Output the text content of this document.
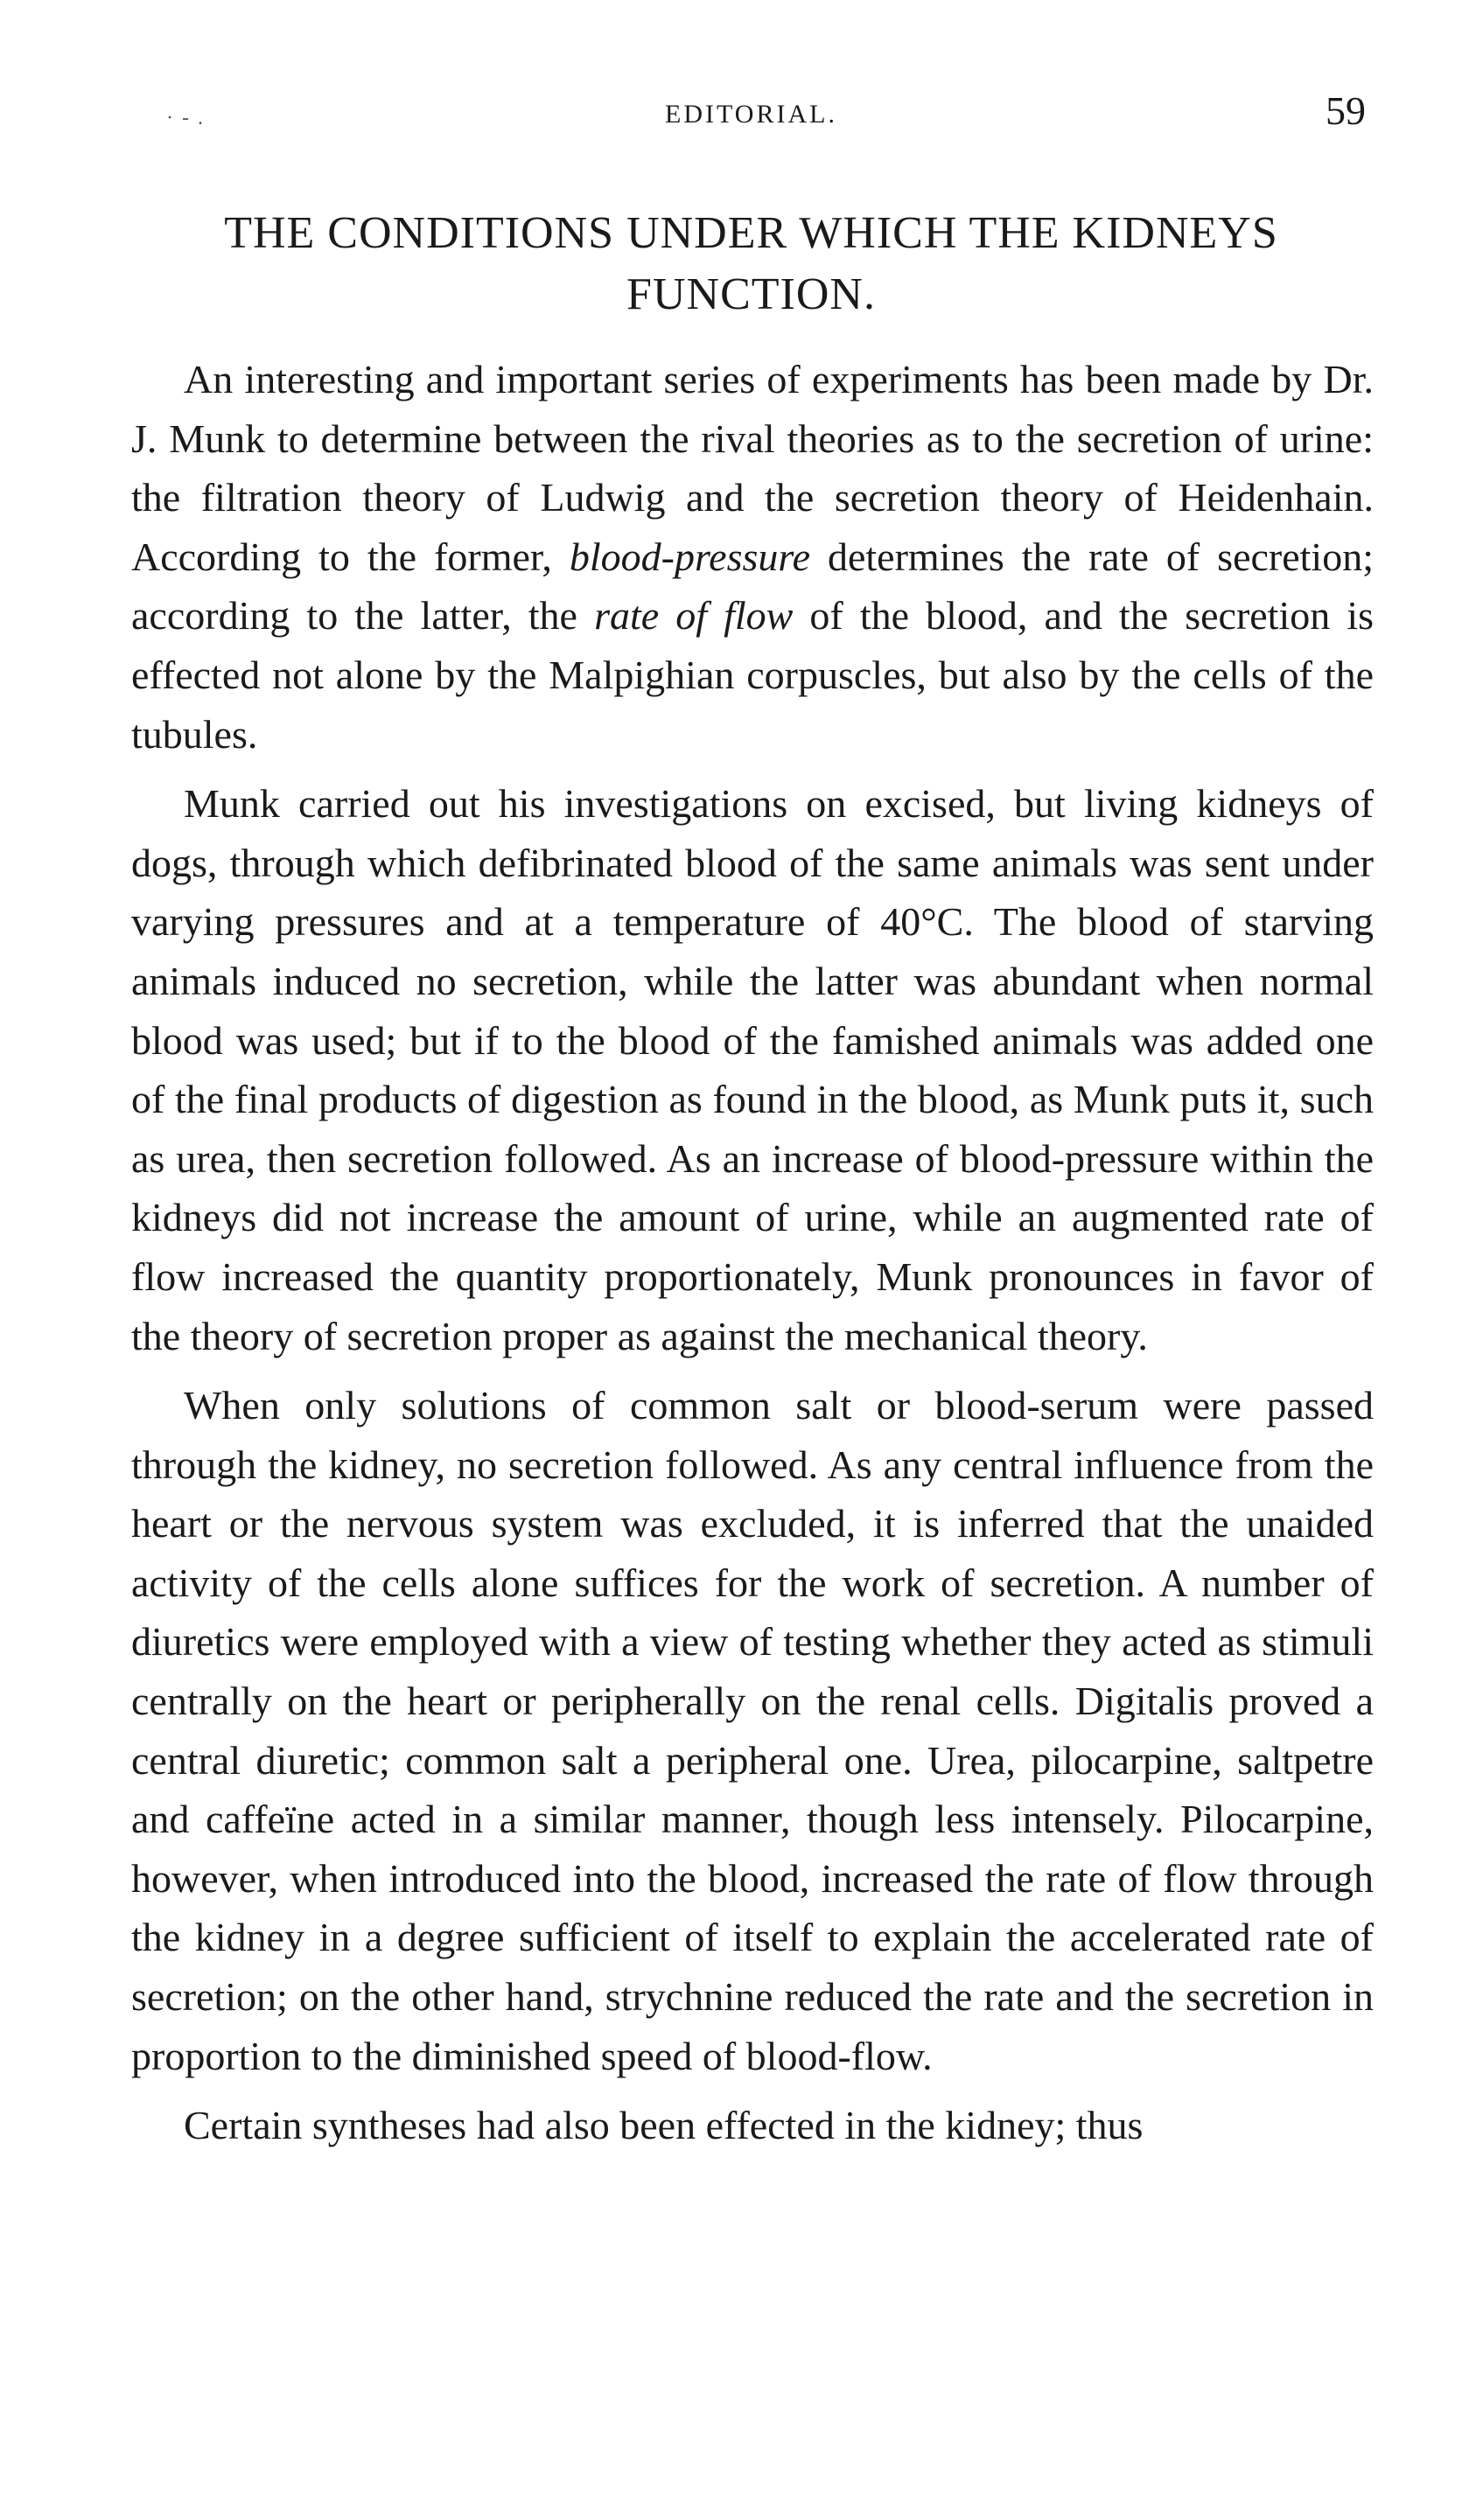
·‐.	EDITORIAL.	59
THE CONDITIONS UNDER WHICH THE KIDNEYS FUNCTION.

An interesting and important series of experiments has been made by Dr. J. Munk to determine between the rival theories as to the secretion of urine: the filtration theory of Ludwig and the secretion theory of Heidenhain. According to the former, blood-pressure determines the rate of secretion; according to the latter, the rate of flow of the blood, and the secretion is effected not alone by the Malpighian corpuscles, but also by the cells of the tubules.

Munk carried out his investigations on excised, but living kidneys of dogs, through which defibrinated blood of the same animals was sent under varying pressures and at a temperature of 40°C. The blood of starving animals induced no secretion, while the latter was abundant when normal blood was used; but if to the blood of the famished animals was added one of the final products of digestion as found in the blood, as Munk puts it, such as urea, then secretion followed. As an increase of blood-pressure within the kidneys did not increase the amount of urine, while an augmented rate of flow increased the quantity proportionately, Munk pronounces in favor of the theory of secretion proper as against the mechanical theory.

When only solutions of common salt or blood-serum were passed through the kidney, no secretion followed. As any central influence from the heart or the nervous system was excluded, it is inferred that the unaided activity of the cells alone suffices for the work of secretion. A number of diuretics were employed with a view of testing whether they acted as stimuli centrally on the heart or peripherally on the renal cells. Digitalis proved a central diuretic; common salt a peripheral one. Urea, pilocarpine, saltpetre and caffeïne acted in a similar manner, though less intensely. Pilocarpine, however, when introduced into the blood, increased the rate of flow through the kidney in a degree sufficient of itself to explain the accelerated rate of secretion; on the other hand, strychnine reduced the rate and the secretion in proportion to the diminished speed of blood-flow.

Certain syntheses had also been effected in the kidney; thus
